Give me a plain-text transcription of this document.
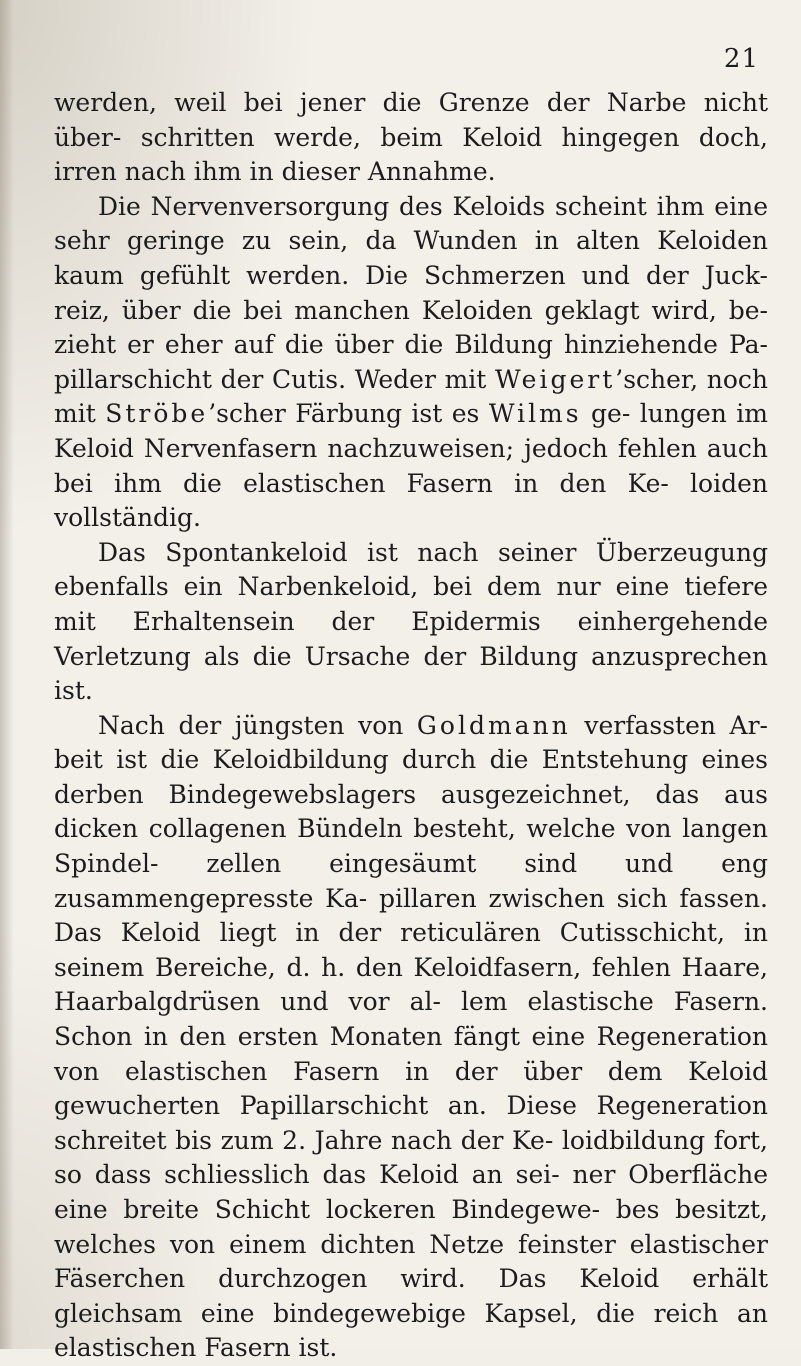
21

werden, weil bei jener die Grenze der Narbe nicht über- schritten werde, beim Keloid hingegen doch, irren nach ihm in dieser Annahme.

Die Nervenversorgung des Keloids scheint ihm eine sehr geringe zu sein, da Wunden in alten Keloiden kaum gefühlt werden. Die Schmerzen und der Juck- reiz, über die bei manchen Keloiden geklagt wird, be- zieht er eher auf die über die Bildung hinziehende Pa- pillarschicht der Cutis. Weder mit Weigert’scher, noch mit Ströbe’scher Färbung ist es Wilms ge- lungen im Keloid Nervenfasern nachzuweisen; jedoch fehlen auch bei ihm die elastischen Fasern in den Ke- loiden vollständig.

Das Spontankeloid ist nach seiner Überzeugung ebenfalls ein Narbenkeloid, bei dem nur eine tiefere mit Erhaltensein der Epidermis einhergehende Verletzung als die Ursache der Bildung anzusprechen ist.

Nach der jüngsten von Goldmann verfassten Ar- beit ist die Keloidbildung durch die Entstehung eines derben Bindegewebslagers ausgezeichnet, das aus dicken collagenen Bündeln besteht, welche von langen Spindel- zellen eingesäumt sind und eng zusammengepresste Ka- pillaren zwischen sich fassen. Das Keloid liegt in der reticulären Cutisschicht, in seinem Bereiche, d. h. den Keloidfasern, fehlen Haare, Haarbalgdrüsen und vor al- lem elastische Fasern. Schon in den ersten Monaten fängt eine Regeneration von elastischen Fasern in der über dem Keloid gewucherten Papillarschicht an. Diese Regeneration schreitet bis zum 2. Jahre nach der Ke- loidbildung fort, so dass schliesslich das Keloid an sei- ner Oberfläche eine breite Schicht lockeren Bindegewe- bes besitzt, welches von einem dichten Netze feinster elastischer Fäserchen durchzogen wird. Das Keloid erhält gleichsam eine bindegewebige Kapsel, die reich an elastischen Fasern ist.
